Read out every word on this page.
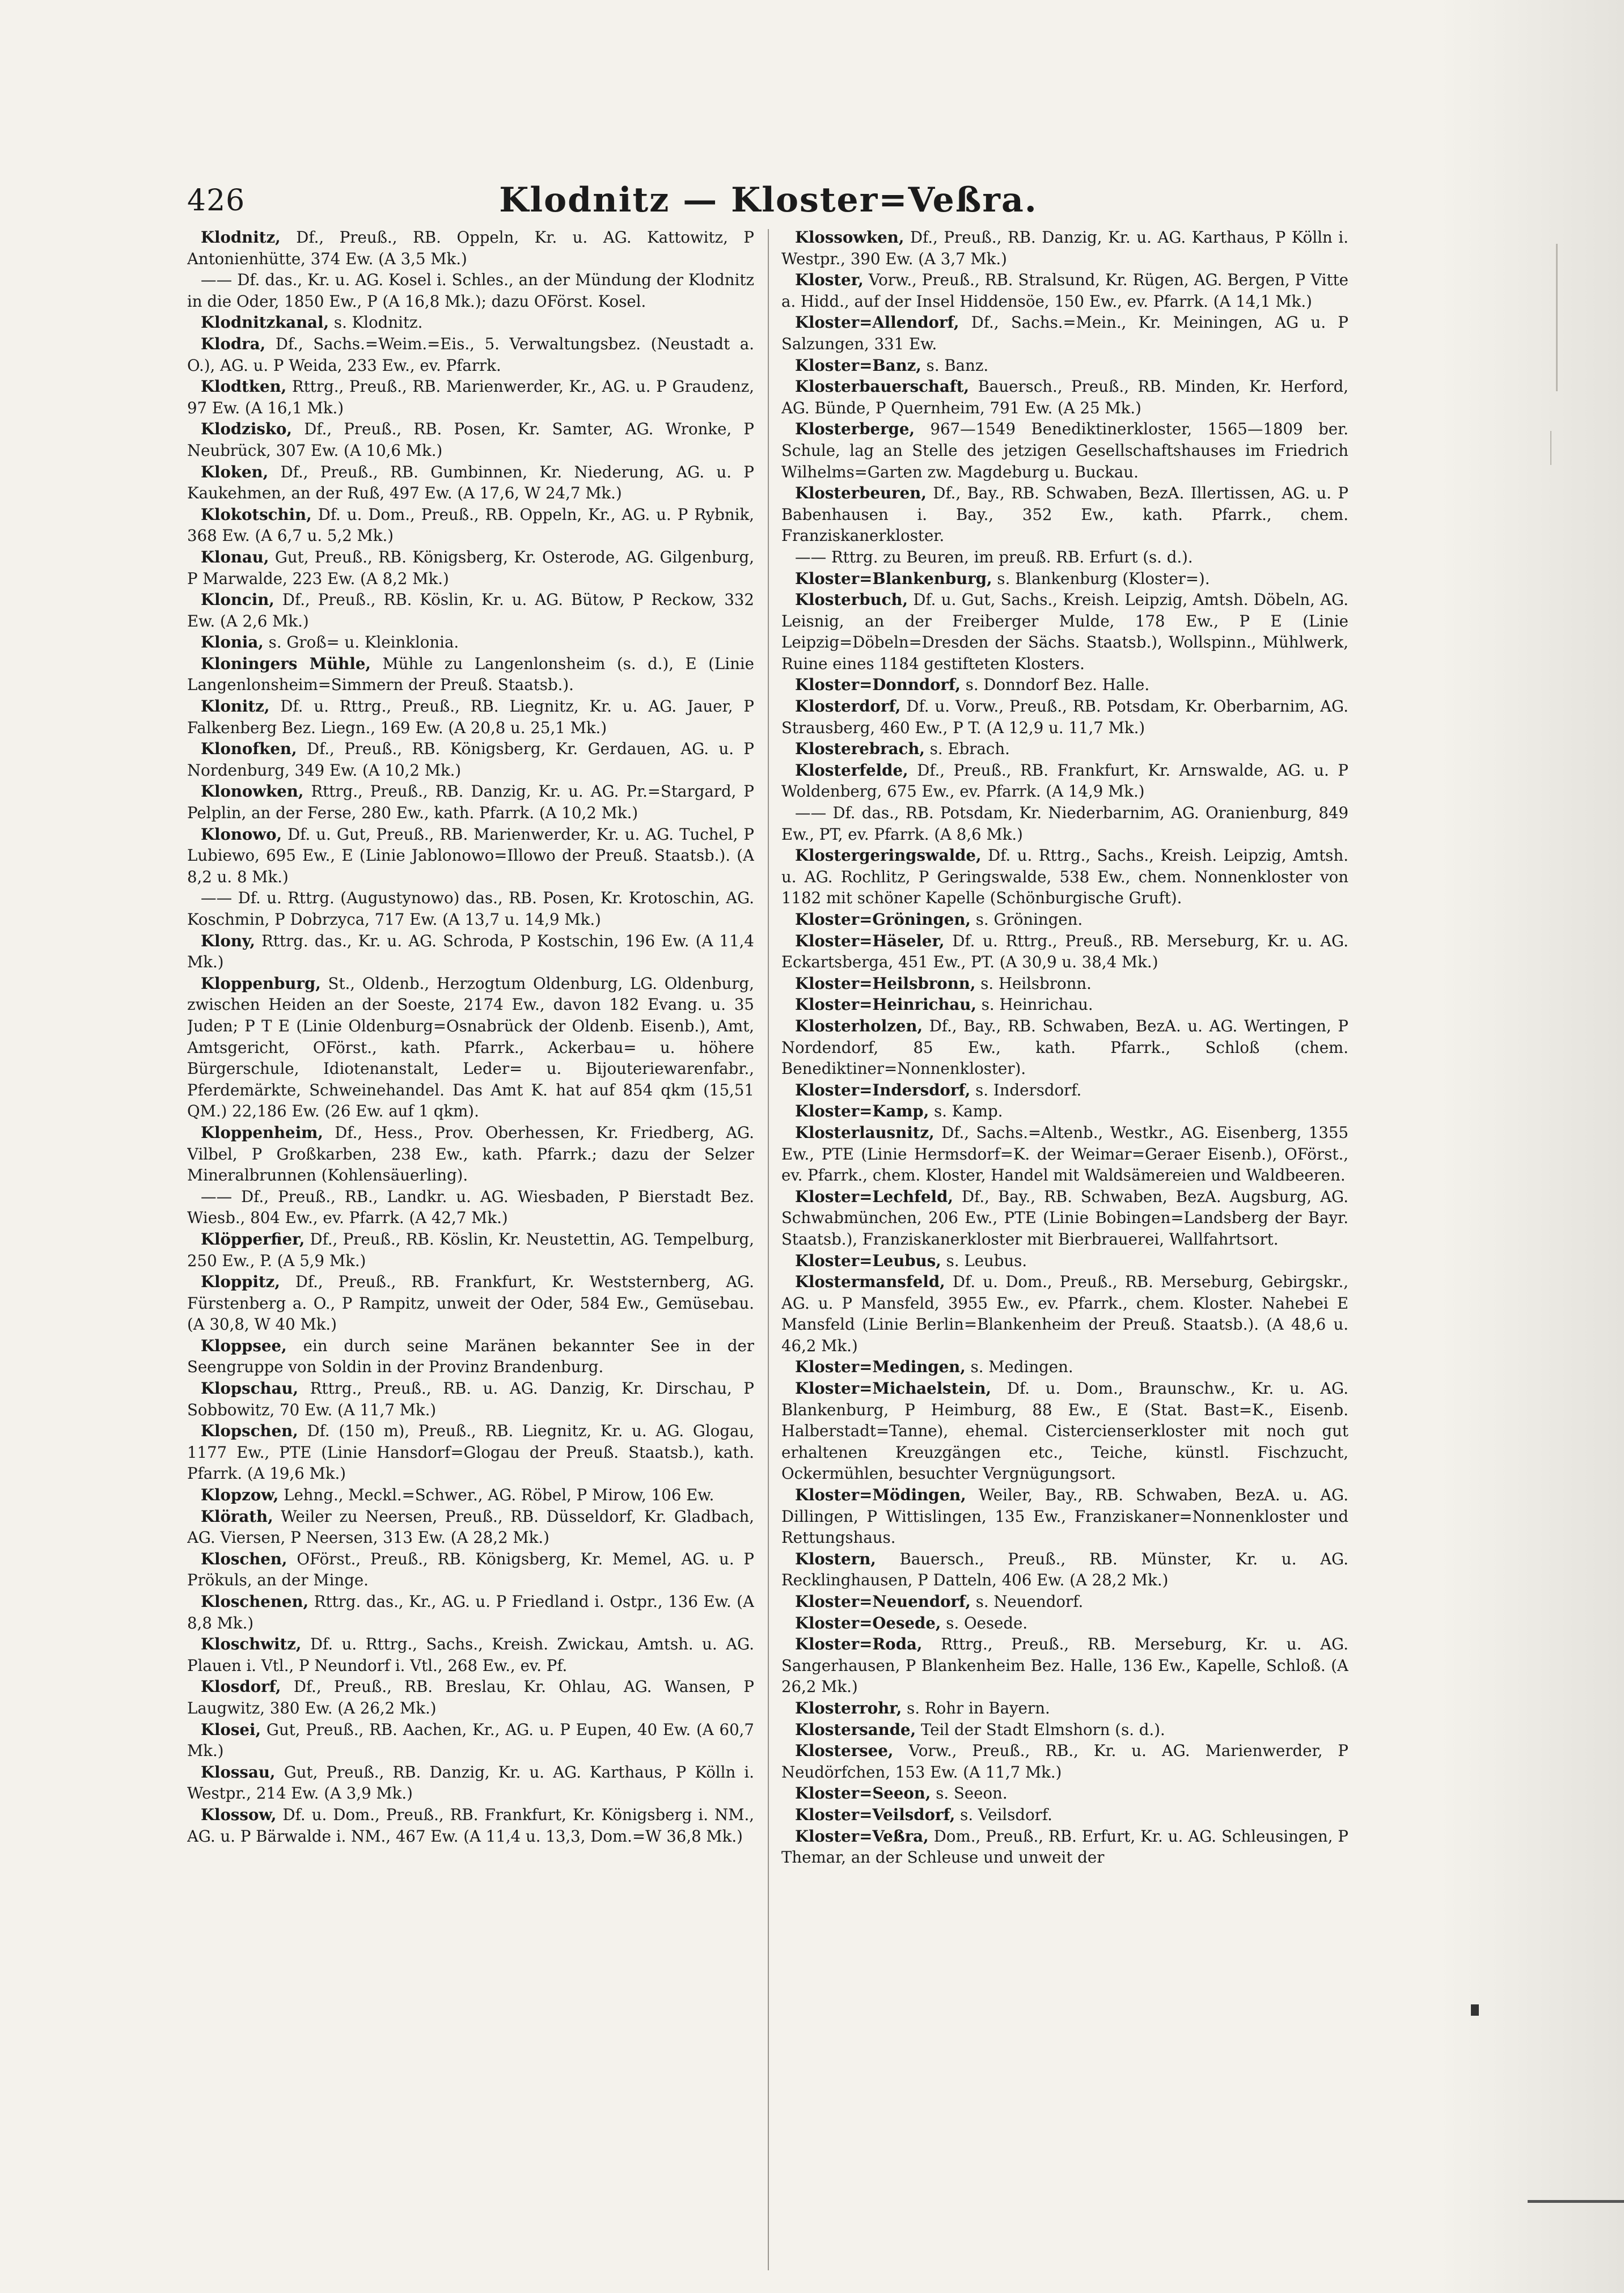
426	Klodnitz — Kloster=Veßra.

Klodnitz, Df., Preuß., RB. Oppeln, Kr. u. AG. Kattowitz, P Antonienhütte, 374 Ew. (A 3,5 Mk.)

—— Df. das., Kr. u. AG. Kosel i. Schles., an der Mündung der Klodnitz in die Oder, 1850 Ew., P (A 16,8 Mk.); dazu OFörst. Kosel.

Klodnitzkanal, s. Klodnitz.

Klodra, Df., Sachs.=Weim.=Eis., 5. Verwaltungsbez. (Neustadt a. O.), AG. u. P Weida, 233 Ew., ev. Pfarrk.

Klodtken, Rttrg., Preuß., RB. Marienwerder, Kr., AG. u. P Graudenz, 97 Ew. (A 16,1 Mk.)

Klodzisko, Df., Preuß., RB. Posen, Kr. Samter, AG. Wronke, P Neubrück, 307 Ew. (A 10,6 Mk.)

Kloken, Df., Preuß., RB. Gumbinnen, Kr. Niederung, AG. u. P Kaukehmen, an der Ruß, 497 Ew. (A 17,6, W 24,7 Mk.)

Klokotschin, Df. u. Dom., Preuß., RB. Oppeln, Kr., AG. u. P Rybnik, 368 Ew. (A 6,7 u. 5,2 Mk.)

Klonau, Gut, Preuß., RB. Königsberg, Kr. Osterode, AG. Gilgenburg, P Marwalde, 223 Ew. (A 8,2 Mk.)

Kloncin, Df., Preuß., RB. Köslin, Kr. u. AG. Bütow, P Reckow, 332 Ew. (A 2,6 Mk.)

Klonia, s. Groß= u. Kleinklonia.

Kloningers Mühle, Mühle zu Langenlonsheim (s. d.), E (Linie Langenlonsheim=Simmern der Preuß. Staatsb.).

Klonitz, Df. u. Rttrg., Preuß., RB. Liegnitz, Kr. u. AG. Jauer, P Falkenberg Bez. Liegn., 169 Ew. (A 20,8 u. 25,1 Mk.)

Klonofken, Df., Preuß., RB. Königsberg, Kr. Gerdauen, AG. u. P Nordenburg, 349 Ew. (A 10,2 Mk.)

Klonowken, Rttrg., Preuß., RB. Danzig, Kr. u. AG. Pr.=Stargard, P Pelplin, an der Ferse, 280 Ew., kath. Pfarrk. (A 10,2 Mk.)

Klonowo, Df. u. Gut, Preuß., RB. Marienwerder, Kr. u. AG. Tuchel, P Lubiewo, 695 Ew., E (Linie Jablonowo=Illowo der Preuß. Staatsb.). (A 8,2 u. 8 Mk.)

—— Df. u. Rttrg. (Augustynowo) das., RB. Posen, Kr. Krotoschin, AG. Koschmin, P Dobrzyca, 717 Ew. (A 13,7 u. 14,9 Mk.)

Klony, Rttrg. das., Kr. u. AG. Schroda, P Kostschin, 196 Ew. (A 11,4 Mk.)

Kloppenburg, St., Oldenb., Herzogtum Oldenburg, LG. Oldenburg, zwischen Heiden an der Soeste, 2174 Ew., davon 182 Evang. u. 35 Juden; P T E (Linie Oldenburg=Osnabrück der Oldenb. Eisenb.), Amt, Amtsgericht, OFörst., kath. Pfarrk., Ackerbau= u. höhere Bürgerschule, Idiotenanstalt, Leder= u. Bijouteriewarenfabr., Pferdemärkte, Schweinehandel. Das Amt K. hat auf 854 qkm (15,51 QM.) 22,186 Ew. (26 Ew. auf 1 qkm).

Kloppenheim, Df., Hess., Prov. Oberhessen, Kr. Friedberg, AG. Vilbel, P Großkarben, 238 Ew., kath. Pfarrk.; dazu der Selzer Mineralbrunnen (Kohlensäuerling).

—— Df., Preuß., RB., Landkr. u. AG. Wiesbaden, P Bierstadt Bez. Wiesb., 804 Ew., ev. Pfarrk. (A 42,7 Mk.)

Klöpperfier, Df., Preuß., RB. Köslin, Kr. Neustettin, AG. Tempelburg, 250 Ew., P. (A 5,9 Mk.)

Kloppitz, Df., Preuß., RB. Frankfurt, Kr. Weststernberg, AG. Fürstenberg a. O., P Rampitz, unweit der Oder, 584 Ew., Gemüsebau. (A 30,8, W 40 Mk.)

Kloppsee, ein durch seine Maränen bekannter See in der Seengruppe von Soldin in der Provinz Brandenburg.

Klopschau, Rttrg., Preuß., RB. u. AG. Danzig, Kr. Dirschau, P Sobbowitz, 70 Ew. (A 11,7 Mk.)

Klopschen, Df. (150 m), Preuß., RB. Liegnitz, Kr. u. AG. Glogau, 1177 Ew., PTE (Linie Hansdorf=Glogau der Preuß. Staatsb.), kath. Pfarrk. (A 19,6 Mk.)

Klopzow, Lehng., Meckl.=Schwer., AG. Röbel, P Mirow, 106 Ew.

Klörath, Weiler zu Neersen, Preuß., RB. Düsseldorf, Kr. Gladbach, AG. Viersen, P Neersen, 313 Ew. (A 28,2 Mk.)

Kloschen, OFörst., Preuß., RB. Königsberg, Kr. Memel, AG. u. P Prökuls, an der Minge.

Kloschenen, Rttrg. das., Kr., AG. u. P Friedland i. Ostpr., 136 Ew. (A 8,8 Mk.)

Kloschwitz, Df. u. Rttrg., Sachs., Kreish. Zwickau, Amtsh. u. AG. Plauen i. Vtl., P Neundorf i. Vtl., 268 Ew., ev. Pf.

Klosdorf, Df., Preuß., RB. Breslau, Kr. Ohlau, AG. Wansen, P Laugwitz, 380 Ew. (A 26,2 Mk.)

Klosei, Gut, Preuß., RB. Aachen, Kr., AG. u. P Eupen, 40 Ew. (A 60,7 Mk.)

Klossau, Gut, Preuß., RB. Danzig, Kr. u. AG. Karthaus, P Kölln i. Westpr., 214 Ew. (A 3,9 Mk.)

Klossow, Df. u. Dom., Preuß., RB. Frankfurt, Kr. Königsberg i. NM., AG. u. P Bärwalde i. NM., 467 Ew. (A 11,4 u. 13,3, Dom.=W 36,8 Mk.)

Klossowken, Df., Preuß., RB. Danzig, Kr. u. AG. Karthaus, P Kölln i. Westpr., 390 Ew. (A 3,7 Mk.)

Kloster, Vorw., Preuß., RB. Stralsund, Kr. Rügen, AG. Bergen, P Vitte a. Hidd., auf der Insel Hiddensöe, 150 Ew., ev. Pfarrk. (A 14,1 Mk.)

Kloster=Allendorf, Df., Sachs.=Mein., Kr. Meiningen, AG u. P Salzungen, 331 Ew.

Kloster=Banz, s. Banz.

Klosterbauerschaft, Bauersch., Preuß., RB. Minden, Kr. Herford, AG. Bünde, P Quernheim, 791 Ew. (A 25 Mk.)

Klosterberge, 967—1549 Benediktinerkloster, 1565—1809 ber. Schule, lag an Stelle des jetzigen Gesellschaftshauses im Friedrich Wilhelms=Garten zw. Magdeburg u. Buckau.

Klosterbeuren, Df., Bay., RB. Schwaben, BezA. Illertissen, AG. u. P Babenhausen i. Bay., 352 Ew., kath. Pfarrk., chem. Franziskanerkloster.

—— Rttrg. zu Beuren, im preuß. RB. Erfurt (s. d.).

Kloster=Blankenburg, s. Blankenburg (Kloster=).

Klosterbuch, Df. u. Gut, Sachs., Kreish. Leipzig, Amtsh. Döbeln, AG. Leisnig, an der Freiberger Mulde, 178 Ew., P E (Linie Leipzig=Döbeln=Dresden der Sächs. Staatsb.), Wollspinn., Mühlwerk, Ruine eines 1184 gestifteten Klosters.

Kloster=Donndorf, s. Donndorf Bez. Halle.

Klosterdorf, Df. u. Vorw., Preuß., RB. Potsdam, Kr. Oberbarnim, AG. Strausberg, 460 Ew., P T. (A 12,9 u. 11,7 Mk.)

Klosterebrach, s. Ebrach.

Klosterfelde, Df., Preuß., RB. Frankfurt, Kr. Arnswalde, AG. u. P Woldenberg, 675 Ew., ev. Pfarrk. (A 14,9 Mk.)

—— Df. das., RB. Potsdam, Kr. Niederbarnim, AG. Oranienburg, 849 Ew., PT, ev. Pfarrk. (A 8,6 Mk.)

Klostergeringswalde, Df. u. Rttrg., Sachs., Kreish. Leipzig, Amtsh. u. AG. Rochlitz, P Geringswalde, 538 Ew., chem. Nonnenkloster von 1182 mit schöner Kapelle (Schönburgische Gruft).

Kloster=Gröningen, s. Gröningen.

Kloster=Häseler, Df. u. Rttrg., Preuß., RB. Merseburg, Kr. u. AG. Eckartsberga, 451 Ew., PT. (A 30,9 u. 38,4 Mk.)

Kloster=Heilsbronn, s. Heilsbronn.

Kloster=Heinrichau, s. Heinrichau.

Klosterholzen, Df., Bay., RB. Schwaben, BezA. u. AG. Wertingen, P Nordendorf, 85 Ew., kath. Pfarrk., Schloß (chem. Benediktiner=Nonnenkloster).

Kloster=Indersdorf, s. Indersdorf.

Kloster=Kamp, s. Kamp.

Klosterlausnitz, Df., Sachs.=Altenb., Westkr., AG. Eisenberg, 1355 Ew., PTE (Linie Hermsdorf=K. der Weimar=Geraer Eisenb.), OFörst., ev. Pfarrk., chem. Kloster, Handel mit Waldsämereien und Waldbeeren.

Kloster=Lechfeld, Df., Bay., RB. Schwaben, BezA. Augsburg, AG. Schwabmünchen, 206 Ew., PTE (Linie Bobingen=Landsberg der Bayr. Staatsb.), Franziskanerkloster mit Bierbrauerei, Wallfahrtsort.

Kloster=Leubus, s. Leubus.

Klostermansfeld, Df. u. Dom., Preuß., RB. Merseburg, Gebirgskr., AG. u. P Mansfeld, 3955 Ew., ev. Pfarrk., chem. Kloster. Nahebei E Mansfeld (Linie Berlin=Blankenheim der Preuß. Staatsb.). (A 48,6 u. 46,2 Mk.)

Kloster=Medingen, s. Medingen.

Kloster=Michaelstein, Df. u. Dom., Braunschw., Kr. u. AG. Blankenburg, P Heimburg, 88 Ew., E (Stat. Bast=K., Eisenb. Halberstadt=Tanne), ehemal. Cistercienserkloster mit noch gut erhaltenen Kreuzgängen etc., Teiche, künstl. Fischzucht, Ockermühlen, besuchter Vergnügungsort.

Kloster=Mödingen, Weiler, Bay., RB. Schwaben, BezA. u. AG. Dillingen, P Wittislingen, 135 Ew., Franziskaner=Nonnenkloster und Rettungshaus.

Klostern, Bauersch., Preuß., RB. Münster, Kr. u. AG. Recklinghausen, P Datteln, 406 Ew. (A 28,2 Mk.)

Kloster=Neuendorf, s. Neuendorf.

Kloster=Oesede, s. Oesede.

Kloster=Roda, Rttrg., Preuß., RB. Merseburg, Kr. u. AG. Sangerhausen, P Blankenheim Bez. Halle, 136 Ew., Kapelle, Schloß. (A 26,2 Mk.)

Klosterrohr, s. Rohr in Bayern.

Klostersande, Teil der Stadt Elmshorn (s. d.).

Klostersee, Vorw., Preuß., RB., Kr. u. AG. Marienwerder, P Neudörfchen, 153 Ew. (A 11,7 Mk.)

Kloster=Seeon, s. Seeon.

Kloster=Veilsdorf, s. Veilsdorf.

Kloster=Veßra, Dom., Preuß., RB. Erfurt, Kr. u. AG. Schleusingen, P Themar, an der Schleuse und unweit der
